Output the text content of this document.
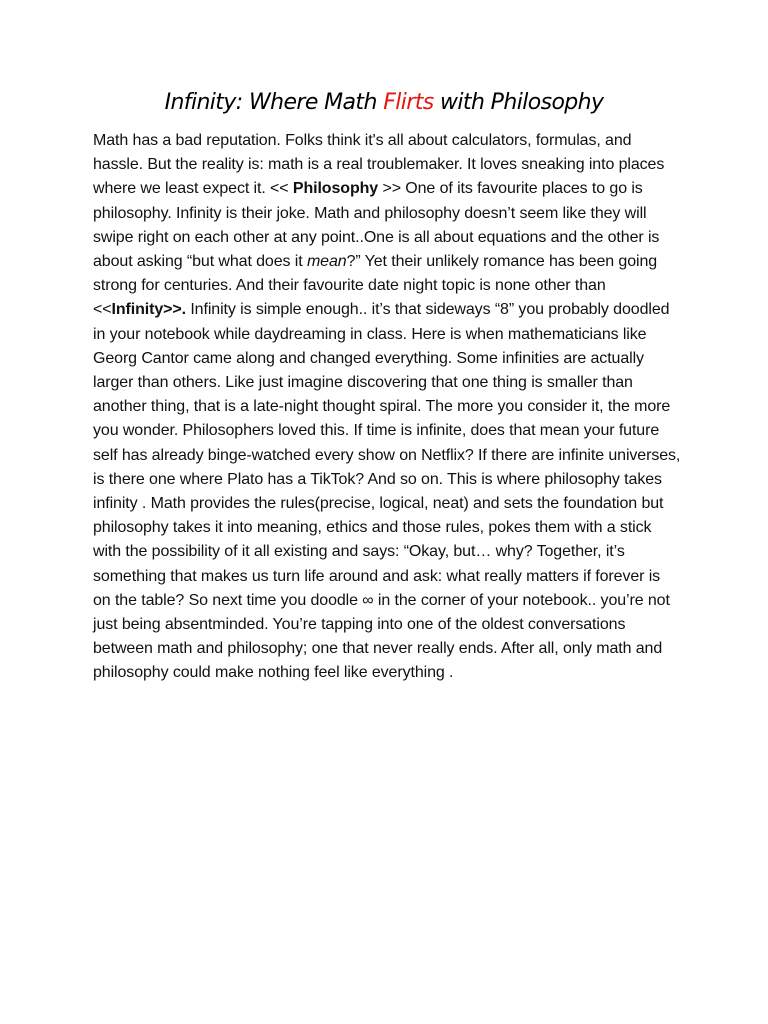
Infinity: Where Math Flirts with Philosophy

Math has a bad reputation. Folks think it's all about calculators, formulas, and hassle. But the reality is: math is a real troublemaker. It loves sneaking into places where we least expect it. << Philosophy >> One of its favourite places to go is philosophy. Infinity is their joke. Math and philosophy doesn’t seem like they will swipe right on each other at any point..One is all about equations and the other is about asking “but what does it mean?” Yet their unlikely romance has been going strong for centuries. And their favourite date night topic is none other than <<Infinity>>. Infinity is simple enough.. it’s that sideways “8” you probably doodled in your notebook while daydreaming in class. Here is when mathematicians like Georg Cantor came along and changed everything. Some infinities are actually larger than others. Like just imagine discovering that one thing is smaller than another thing, that is a late-night thought spiral. The more you consider it, the more you wonder. Philosophers loved this. If time is infinite, does that mean your future self has already binge-watched every show on Netflix? If there are infinite universes, is there one where Plato has a TikTok? And so on. This is where philosophy takes infinity . Math provides the rules(precise, logical, neat) and sets the foundation but philosophy takes it into meaning, ethics and those rules, pokes them with a stick with the possibility of it all existing and says: “Okay, but… why? Together, it’s something that makes us turn life around and ask: what really matters if forever is on the table? So next time you doodle ∞ in the corner of your notebook.. you’re not just being absentminded. You’re tapping into one of the oldest conversations between math and philosophy; one that never really ends. After all, only math and philosophy could make nothing feel like everything .
